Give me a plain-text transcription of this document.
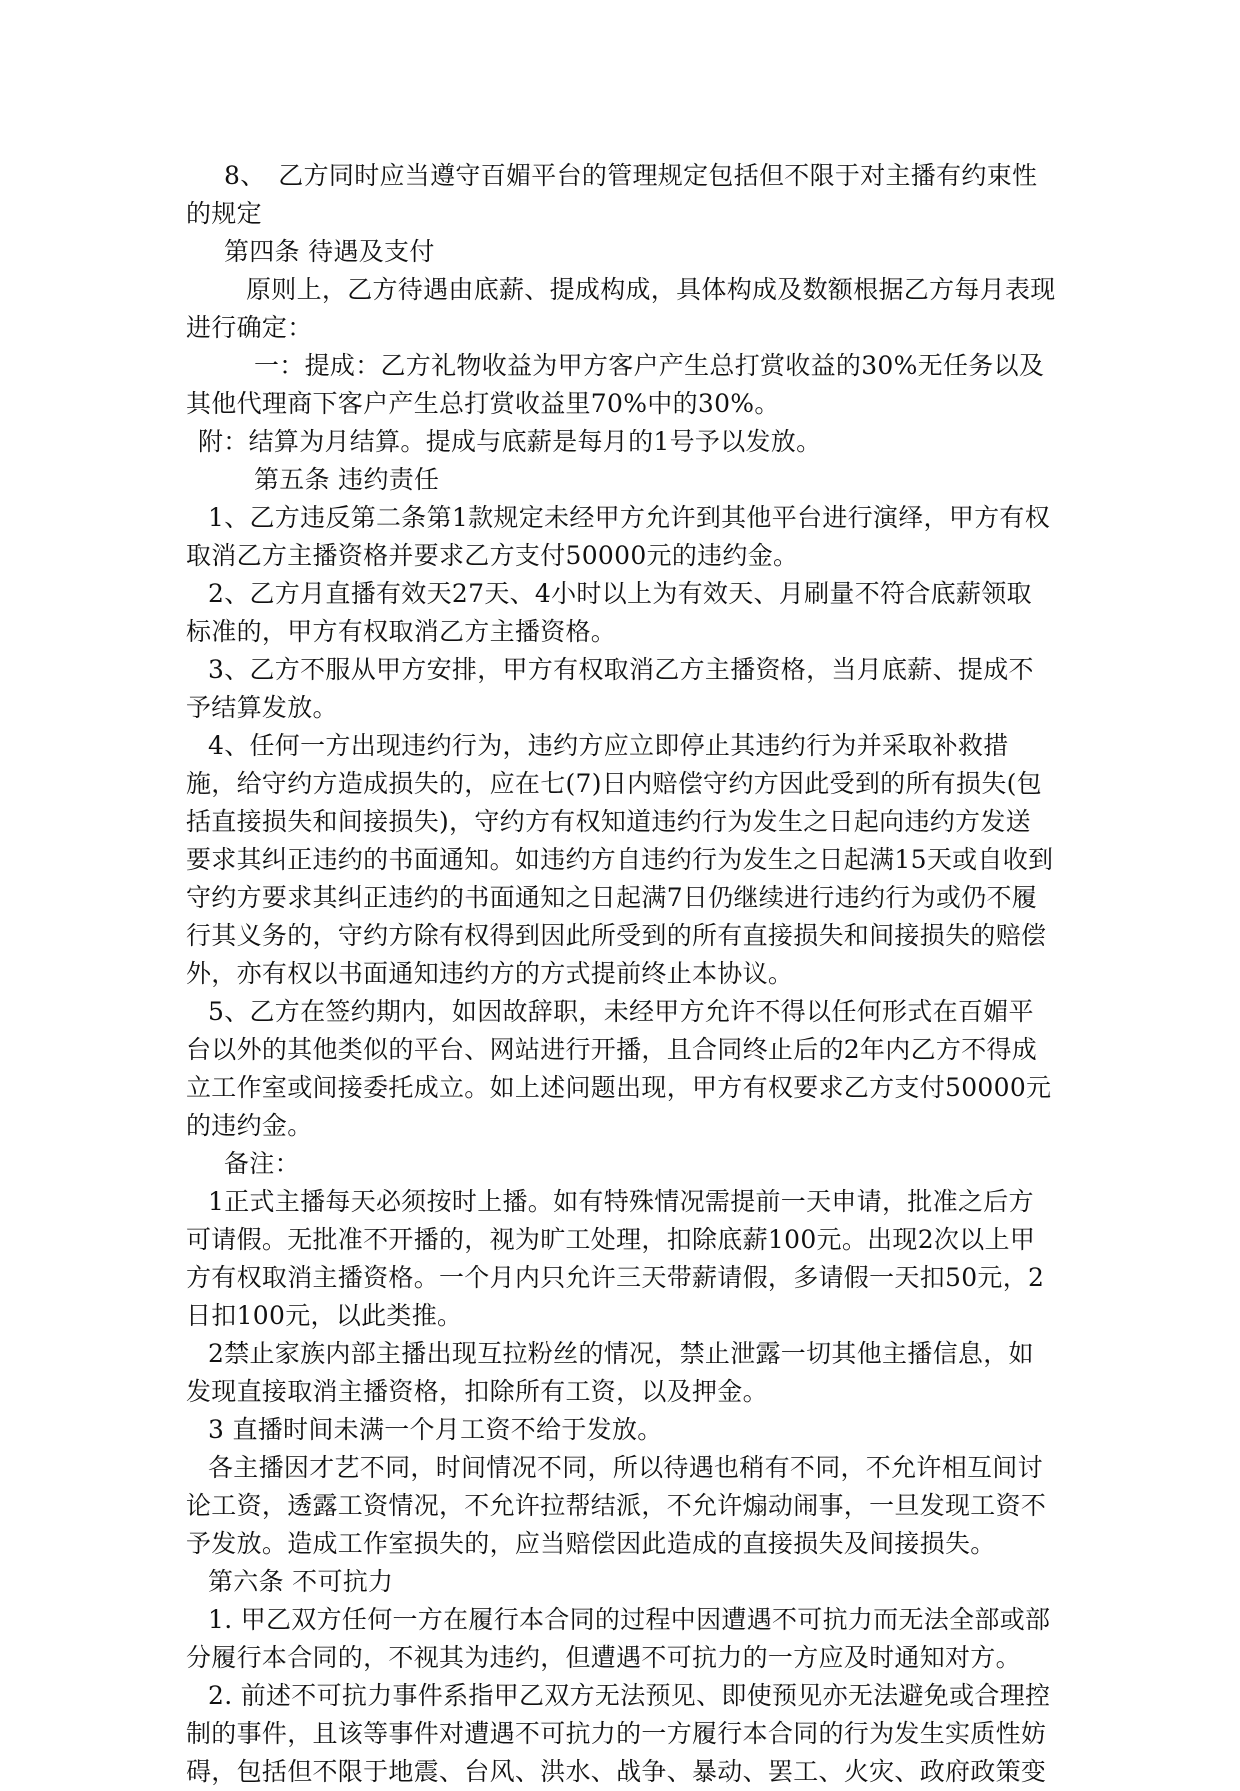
8、　乙方同时应当遵守百媚平台的管理规定包括但不限于对主播有约束性的规定

第四条 待遇及支付

原则上，乙方待遇由底薪、提成构成，具体构成及数额根据乙方每月表现进行确定：

一：提成：乙方礼物收益为甲方客户产生总打赏收益的30%无任务以及其他代理商下客户产生总打赏收益里70%中的30%。

附：结算为月结算。提成与底薪是每月的1号予以发放。

第五条 违约责任

1、乙方违反第二条第1款规定未经甲方允许到其他平台进行演绎，甲方有权取消乙方主播资格并要求乙方支付50000元的违约金。

2、乙方月直播有效天27天、4小时以上为有效天、月刷量不符合底薪领取标准的，甲方有权取消乙方主播资格。

3、乙方不服从甲方安排，甲方有权取消乙方主播资格，当月底薪、提成不予结算发放。

4、任何一方出现违约行为，违约方应立即停止其违约行为并采取补救措施，给守约方造成损失的，应在七(7)日内赔偿守约方因此受到的所有损失(包括直接损失和间接损失)，守约方有权知道违约行为发生之日起向违约方发送要求其纠正违约的书面通知。如违约方自违约行为发生之日起满15天或自收到守约方要求其纠正违约的书面通知之日起满7日仍继续进行违约行为或仍不履行其义务的，守约方除有权得到因此所受到的所有直接损失和间接损失的赔偿外，亦有权以书面通知违约方的方式提前终止本协议。

5、乙方在签约期内，如因故辞职，未经甲方允许不得以任何形式在百媚平台以外的其他类似的平台、网站进行开播，且合同终止后的2年内乙方不得成立工作室或间接委托成立。如上述问题出现，甲方有权要求乙方支付50000元的违约金。

备注：

1正式主播每天必须按时上播。如有特殊情况需提前一天申请，批准之后方可请假。无批准不开播的，视为旷工处理，扣除底薪100元。出现2次以上甲方有权取消主播资格。一个月内只允许三天带薪请假，多请假一天扣50元，2日扣100元，以此类推。

2禁止家族内部主播出现互拉粉丝的情况，禁止泄露一切其他主播信息，如发现直接取消主播资格，扣除所有工资，以及押金。

3 直播时间未满一个月工资不给于发放。

各主播因才艺不同，时间情况不同，所以待遇也稍有不同，不允许相互间讨论工资，透露工资情况，不允许拉帮结派，不允许煽动闹事，一旦发现工资不予发放。造成工作室损失的，应当赔偿因此造成的直接损失及间接损失。

第六条 不可抗力

1. 甲乙双方任何一方在履行本合同的过程中因遭遇不可抗力而无法全部或部分履行本合同的，不视其为违约，但遭遇不可抗力的一方应及时通知对方。

2. 前述不可抗力事件系指甲乙双方无法预见、即使预见亦无法避免或合理控制的事件，且该等事件对遭遇不可抗力的一方履行本合同的行为发生实质性妨碍，包括但不限于地震、台风、洪水、战争、暴动、罢工、火灾、政府政策变
